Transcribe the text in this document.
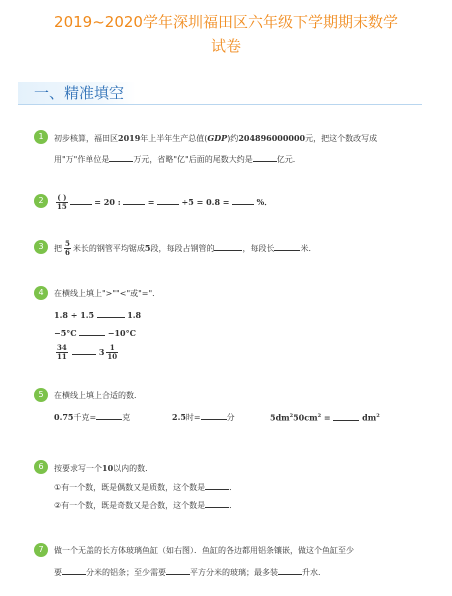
2019~2020学年深圳福田区六年级下学期期末数学
试卷
一、精准填空
1	初步核算，福田区2019年上半年生产总值(GDP)约204896000000元，把这个数改写成
用"万"作单位是	万元，省略"亿"后面的尾数大约是	亿元．
2	$\frac{( )}{15}$	= 20 :	=	÷5 = 0.8 =	%．
3	把 $\frac{5}{6}$ 米长的钢管平均锯成5段，每段占钢管的	，每段长	米．
4	在横线上填上">""<"或"="．
1.8 ÷ 1.5	1.8
−5°C	−10°C
$\frac{34}{11}$	$3 \frac{1}{10}$
5	在横线上填上合适的数．
0.75千克=	克	2.5时=	分	$5dm^250cm^2$ =	$dm^2$
6	按要求写一个10以内的数．
①有一个数，既是偶数又是质数，这个数是	．
②有一个数，既是奇数又是合数，这个数是	．
7	做一个无盖的长方体玻璃鱼缸（如右图）．鱼缸的各边都用铝条镶嵌，做这个鱼缸至少
要	分米的铝条；至少需要	平方分米的玻璃；最多装	升水．
